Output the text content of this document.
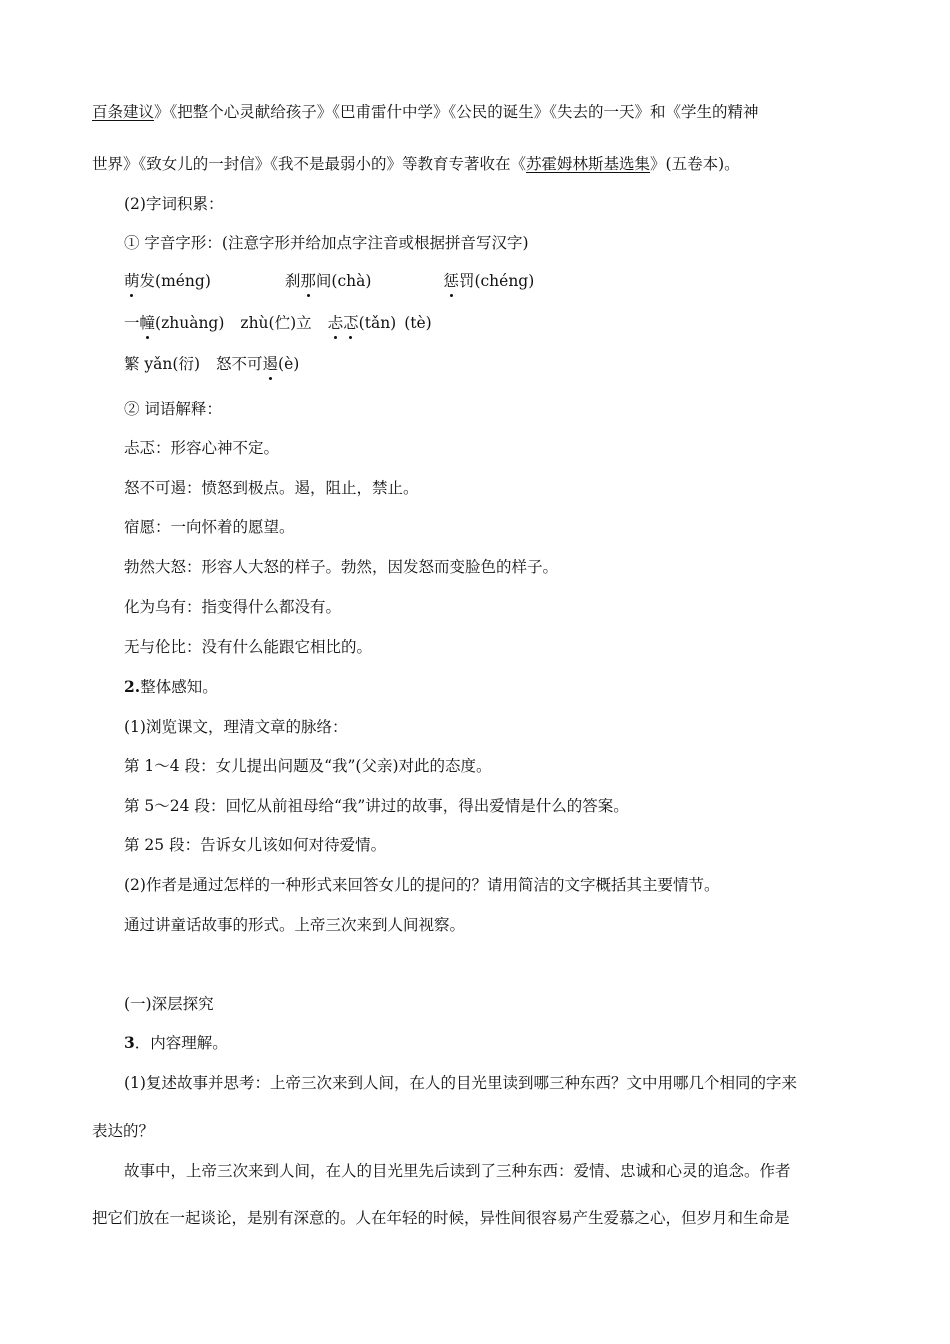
百条建议》《把整个心灵献给孩子》《巴甫雷什中学》《公民的诞生》《失去的一天》和《学生的精神
世界》《致女儿的一封信》《我不是最弱小的》等教育专著收在《苏霍姆林斯基选集》(五卷本)。
(2)字词积累：
① 字音字形：(注意字形并给加点字注音或根据拼音写汉字)
萌发(méng)	刹那间(chà)	惩罚(chéng)
一幢(zhuàng) zhù(伫)立 忐忑(tǎn) (tè)
繁 yǎn(衍) 怒不可遏(è)
② 词语解释：
忐忑：形容心神不定。
怒不可遏：愤怒到极点。遏，阻止，禁止。
宿愿：一向怀着的愿望。
勃然大怒：形容人大怒的样子。勃然，因发怒而变脸色的样子。
化为乌有：指变得什么都没有。
无与伦比：没有什么能跟它相比的。
2.整体感知。
(1)浏览课文，理清文章的脉络：
第 1～4 段：女儿提出问题及“我”(父亲)对此的态度。
第 5～24 段：回忆从前祖母给“我”讲过的故事，得出爱情是什么的答案。
第 25 段：告诉女儿该如何对待爱情。
(2)作者是通过怎样的一种形式来回答女儿的提问的？请用简洁的文字概括其主要情节。
通过讲童话故事的形式。上帝三次来到人间视察。
(一)深层探究
3．内容理解。
(1)复述故事并思考：上帝三次来到人间，在人的目光里读到哪三种东西？文中用哪几个相同的字来
表达的？
故事中，上帝三次来到人间，在人的目光里先后读到了三种东西：爱情、忠诚和心灵的追念。作者
把它们放在一起谈论，是别有深意的。人在年轻的时候，异性间很容易产生爱慕之心，但岁月和生命是
